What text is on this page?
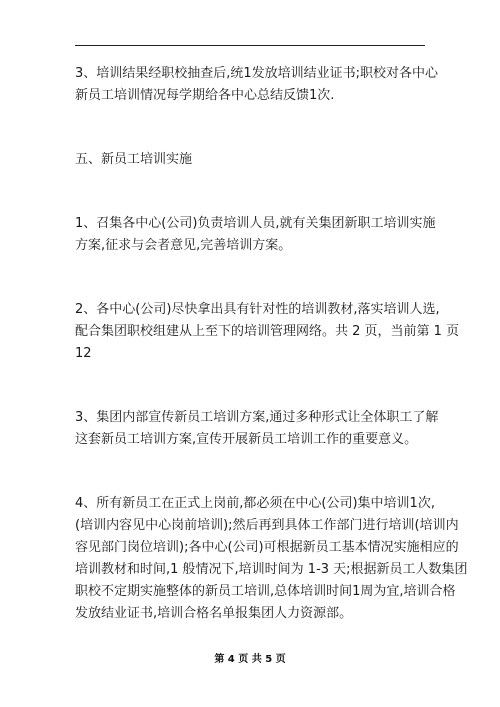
3、培训结果经职校抽查后,统1发放培训结业证书;职校对各中心
新员工培训情况每学期给各中心总结反馈1次.

五、新员工培训实施

1、召集各中心(公司)负责培训人员,就有关集团新职工培训实施
方案,征求与会者意见,完善培训方案。

2、各中心(公司)尽快拿出具有针对性的培训教材,落实培训人选,
配合集团职校组建从上至下的培训管理网络。共 2 页，当前第 1 页
12

3、集团内部宣传新员工培训方案,通过多种形式让全体职工了解
这套新员工培训方案,宣传开展新员工培训工作的重要意义。

4、所有新员工在正式上岗前,都必须在中心(公司)集中培训1次,
(培训内容见中心岗前培训);然后再到具体工作部门进行培训(培训内
容见部门岗位培训);各中心(公司)可根据新员工基本情况实施相应的
培训教材和时间,1 般情况下,培训时间为 1-3 天;根据新员工人数集团
职校不定期实施整体的新员工培训,总体培训时间1周为宜,培训合格
发放结业证书,培训合格名单报集团人力资源部。

第 4 页 共 5 页
